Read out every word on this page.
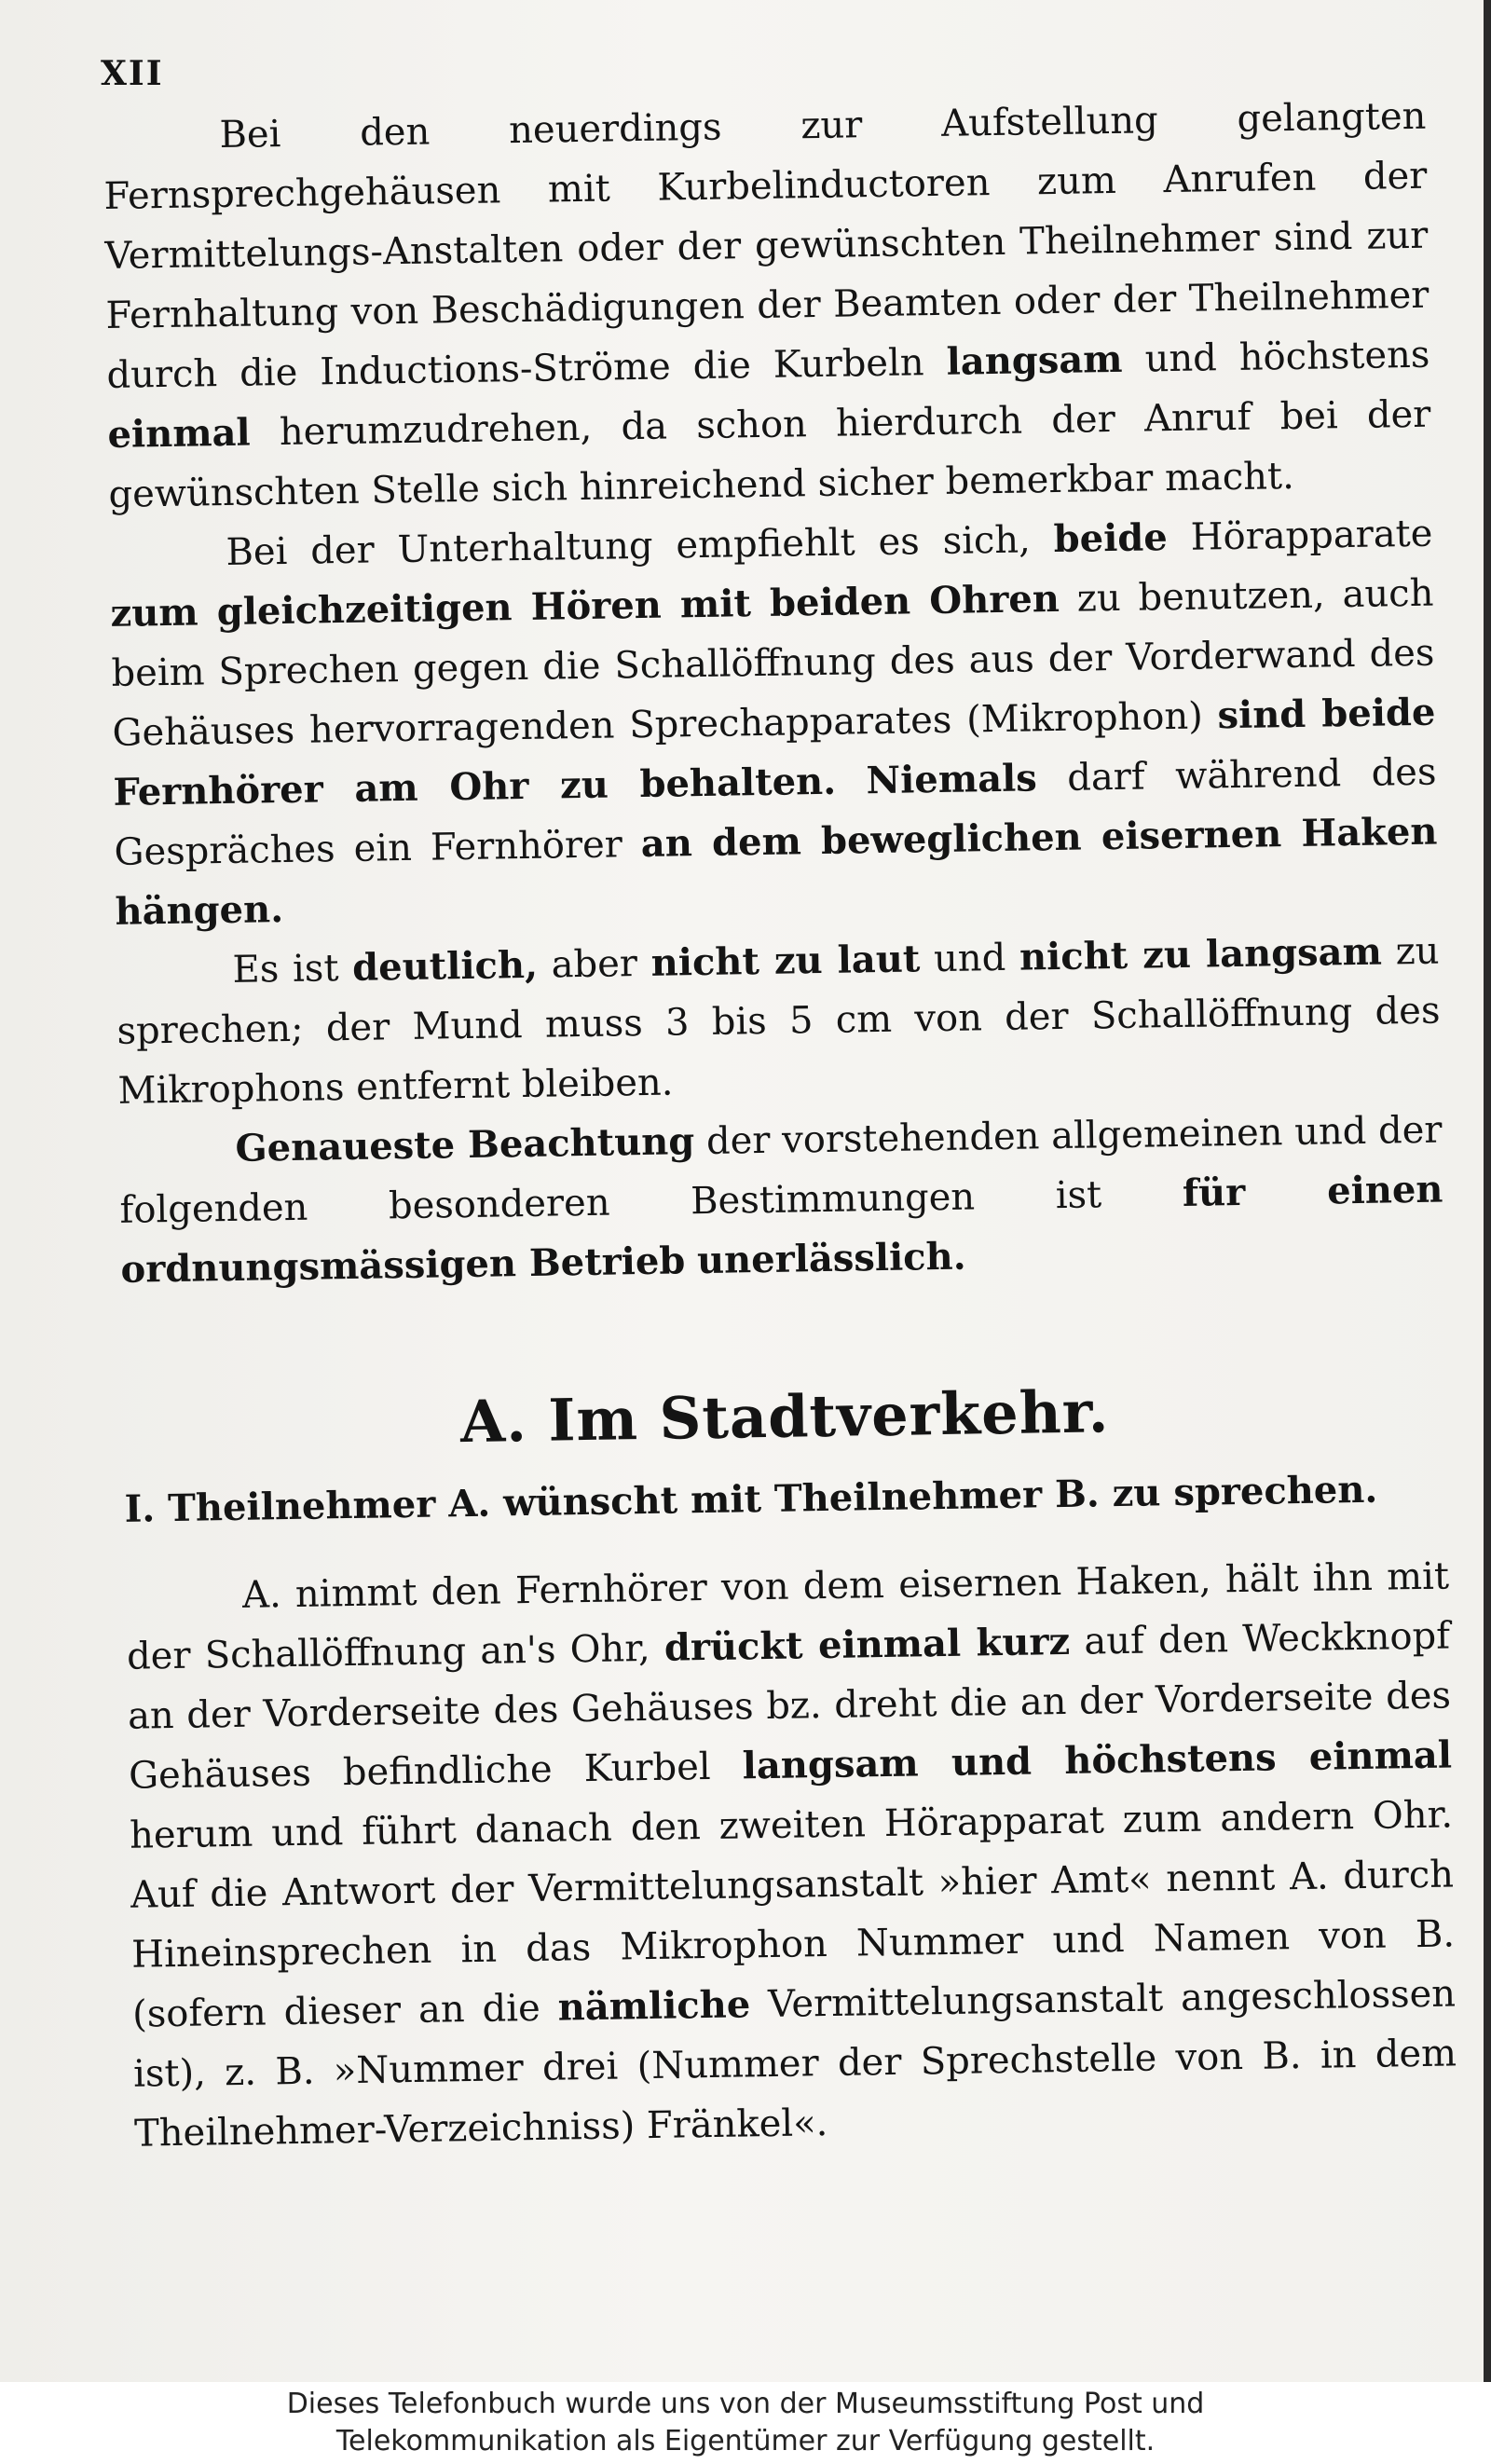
XII

Bei den neuerdings zur Aufstellung gelangten Fernsprechgehäusen mit Kurbelinductoren zum Anrufen der Vermittelungs-Anstalten oder der gewünschten Theilnehmer sind zur Fernhaltung von Beschädigungen der Beamten oder der Theilnehmer durch die Inductions-Ströme die Kurbeln langsam und höchstens einmal herumzudrehen, da schon hierdurch der Anruf bei der gewünschten Stelle sich hinreichend sicher bemerkbar macht.

Bei der Unterhaltung empfiehlt es sich, beide Hörapparate zum gleichzeitigen Hören mit beiden Ohren zu benutzen, auch beim Sprechen gegen die Schallöffnung des aus der Vorderwand des Gehäuses hervorragenden Sprechapparates (Mikrophon) sind beide Fernhörer am Ohr zu behalten. Niemals darf während des Gespräches ein Fernhörer an dem beweglichen eisernen Haken hängen.

Es ist deutlich, aber nicht zu laut und nicht zu langsam zu sprechen; der Mund muss 3 bis 5 cm von der Schallöffnung des Mikrophons entfernt bleiben.

Genaueste Beachtung der vorstehenden allgemeinen und der folgenden besonderen Bestimmungen ist für einen ordnungsmässigen Betrieb unerlässlich.

A. Im Stadtverkehr.
I. Theilnehmer A. wünscht mit Theilnehmer B. zu sprechen.

A. nimmt den Fernhörer von dem eisernen Haken, hält ihn mit der Schallöffnung an's Ohr, drückt einmal kurz auf den Weckknopf an der Vorderseite des Gehäuses bz. dreht die an der Vorderseite des Gehäuses befindliche Kurbel langsam und höchstens einmal herum und führt danach den zweiten Hörapparat zum andern Ohr. Auf die Antwort der Vermittelungsanstalt »hier Amt« nennt A. durch Hineinsprechen in das Mikrophon Nummer und Namen von B. (sofern dieser an die nämliche Vermittelungsanstalt angeschlossen ist), z. B. »Nummer drei (Nummer der Sprechstelle von B. in dem Theilnehmer-Verzeichniss) Fränkel«.

Dieses Telefonbuch wurde uns von der Museumsstiftung Post und
Telekommunikation als Eigentümer zur Verfügung gestellt.
